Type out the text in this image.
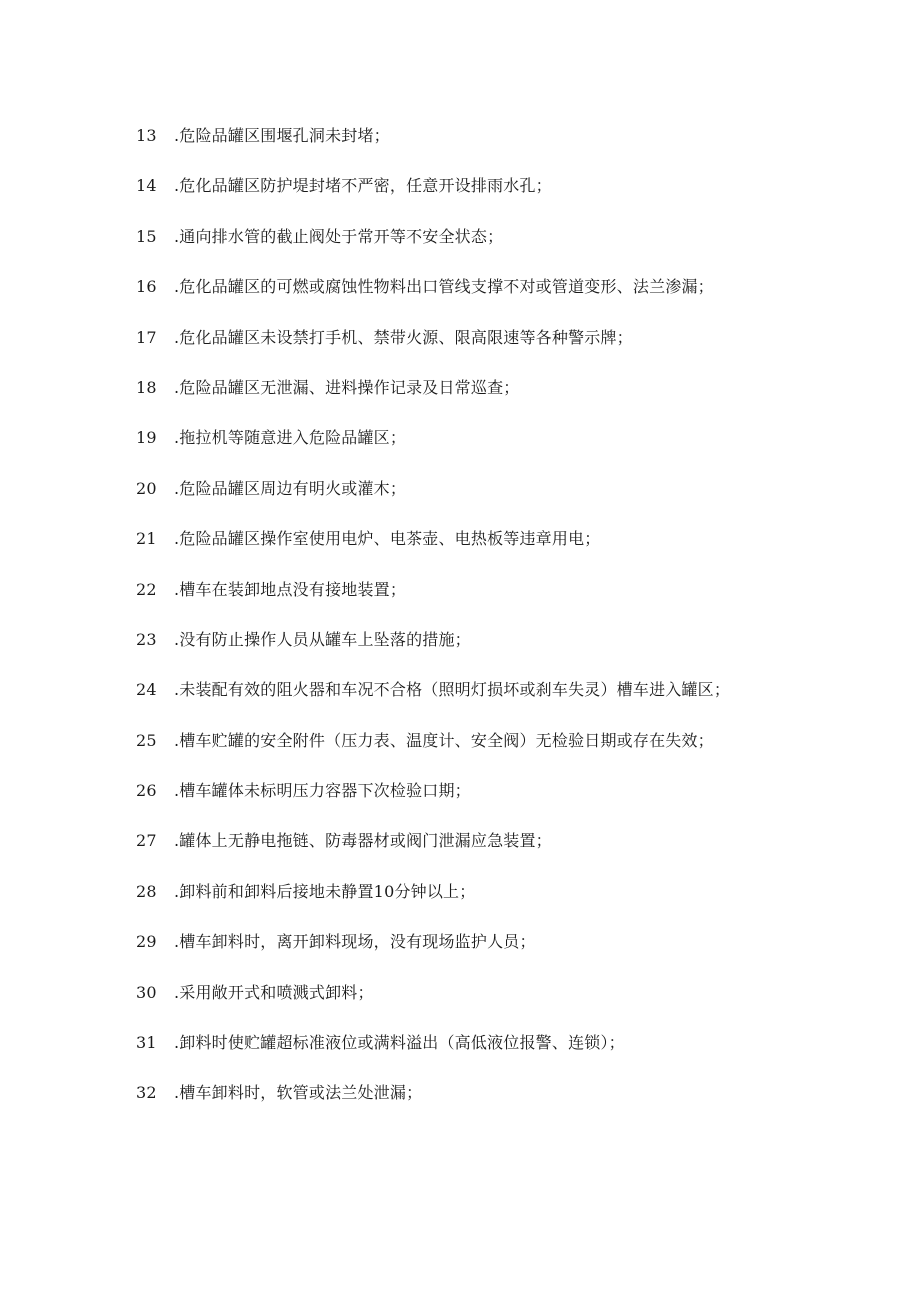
13	.危险品罐区围堰孔洞未封堵；
14	.危化品罐区防护堤封堵不严密，任意开设排雨水孔；
15	.通向排水管的截止阀处于常开等不安全状态；
16	.危化品罐区的可燃或腐蚀性物料出口管线支撑不对或管道变形、法兰渗漏；
17	.危化品罐区未设禁打手机、禁带火源、限高限速等各种警示牌；
18	.危险品罐区无泄漏、进料操作记录及日常巡查；
19	.拖拉机等随意进入危险品罐区；
20	.危险品罐区周边有明火或灌木；
21	.危险品罐区操作室使用电炉、电茶壶、电热板等违章用电；
22	.槽车在装卸地点没有接地装置；
23	.没有防止操作人员从罐车上坠落的措施；
24	.未装配有效的阻火器和车况不合格（照明灯损坏或刹车失灵）槽车进入罐区；
25	.槽车贮罐的安全附件（压力表、温度计、安全阀）无检验日期或存在失效；
26	.槽车罐体未标明压力容器下次检验口期；
27	.罐体上无静电拖链、防毒器材或阀门泄漏应急装置；
28	.卸料前和卸料后接地未静置10分钟以上；
29	.槽车卸料时，离开卸料现场，没有现场监护人员；
30	.采用敞开式和喷溅式卸料；
31	.卸料时使贮罐超标准液位或满料溢出（高低液位报警、连锁）；
32	.槽车卸料时，软管或法兰处泄漏；
